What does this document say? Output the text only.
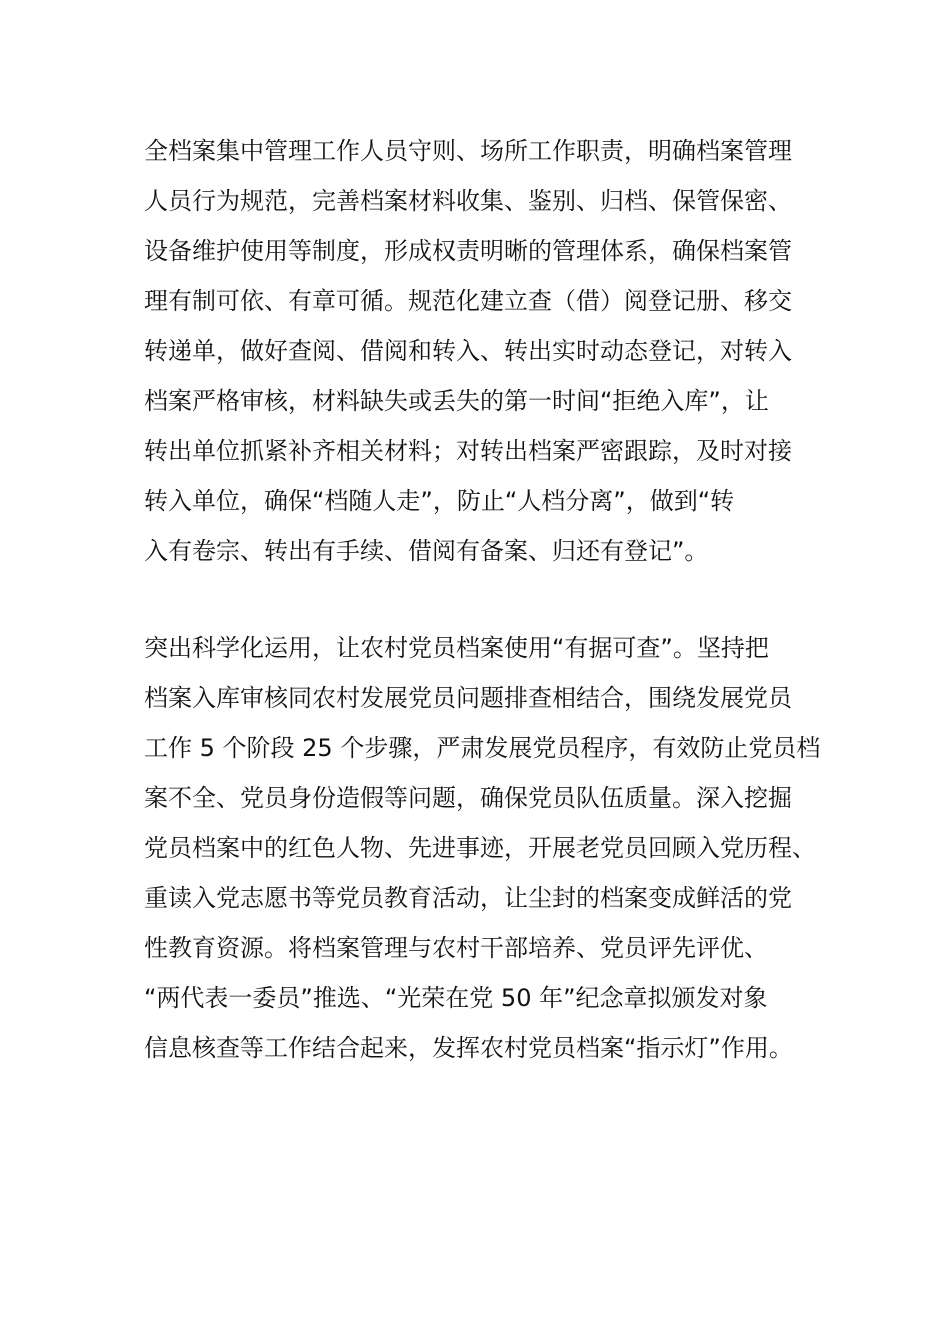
全档案集中管理工作人员守则、场所工作职责，明确档案管理
人员行为规范，完善档案材料收集、鉴别、归档、保管保密、
设备维护使用等制度，形成权责明晰的管理体系，确保档案管
理有制可依、有章可循。规范化建立查（借）阅登记册、移交
转递单，做好查阅、借阅和转入、转出实时动态登记，对转入
档案严格审核，材料缺失或丢失的第一时间“拒绝入库”，让
转出单位抓紧补齐相关材料；对转出档案严密跟踪，及时对接
转入单位，确保“档随人走”，防止“人档分离”，做到“转
入有卷宗、转出有手续、借阅有备案、归还有登记”。
突出科学化运用，让农村党员档案使用“有据可查”。坚持把
档案入库审核同农村发展党员问题排查相结合，围绕发展党员
工作 5 个阶段 25 个步骤，严肃发展党员程序，有效防止党员档
案不全、党员身份造假等问题，确保党员队伍质量。深入挖掘
党员档案中的红色人物、先进事迹，开展老党员回顾入党历程、
重读入党志愿书等党员教育活动，让尘封的档案变成鲜活的党
性教育资源。将档案管理与农村干部培养、党员评先评优、
“两代表一委员”推选、“光荣在党 50 年”纪念章拟颁发对象
信息核查等工作结合起来，发挥农村党员档案“指示灯”作用。
